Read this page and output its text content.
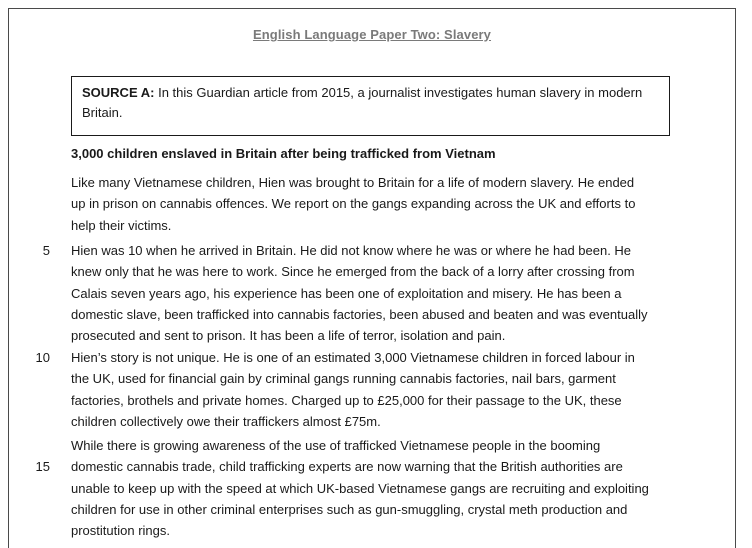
English Language Paper Two: Slavery
SOURCE A: In this Guardian article from 2015, a journalist investigates human slavery in modern
Britain.
3,000 children enslaved in Britain after being trafficked from Vietnam
Like many Vietnamese children, Hien was brought to Britain for a life of modern slavery. He ended
up in prison on cannabis offences. We report on the gangs expanding across the UK and efforts to
help their victims.
Hien was 10 when he arrived in Britain. He did not know where he was or where he had been. He
knew only that he was here to work. Since he emerged from the back of a lorry after crossing from
Calais seven years ago, his experience has been one of exploitation and misery. He has been a
domestic slave, been trafficked into cannabis factories, been abused and beaten and was eventually
prosecuted and sent to prison. It has been a life of terror, isolation and pain.
Hien’s story is not unique. He is one of an estimated 3,000 Vietnamese children in forced labour in
the UK, used for financial gain by criminal gangs running cannabis factories, nail bars, garment
factories, brothels and private homes. Charged up to £25,000 for their passage to the UK, these
children collectively owe their traffickers almost £75m.
While there is growing awareness of the use of trafficked Vietnamese people in the booming
domestic cannabis trade, child trafficking experts are now warning that the British authorities are
unable to keep up with the speed at which UK-based Vietnamese gangs are recruiting and exploiting
children for use in other criminal enterprises such as gun-smuggling, crystal meth production and
prostitution rings.
5
10
15
